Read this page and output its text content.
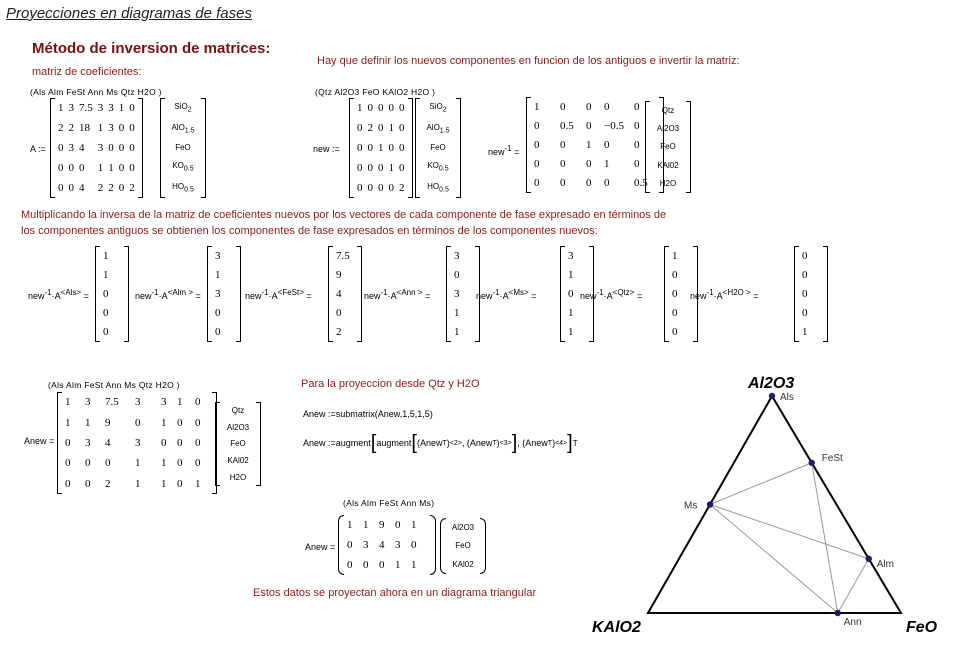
Proyecciones en diagramas de fases
Método de inversion de matrices:
matriz de coeficientes:
Hay que definir los nuevos componentes en funcion de los antiguos e invertir la matriz:
(Als Alm FeSt Ann Ms Qtz H2O )
A :=
1 3 7.5 3 3 1 0
2 2 18 1 3 0 0
0 3 4	3 0 0 0
0 0 0	1 1 0 0
0 0 4	2 2 0 2
SiO$_2$
AlO$_{1.5}$
FeO
$KO_{0.5}$
$HO_{0.5}$
(Qtz Al2O3 FeO KAlO2 H2O )
new :=
1 0 0 0 0
0 2 0 1 0
0 0 1 0 0
0 0 0 1 0
0 0 0 0 2
SiO$_2$
AlO$_{1.5}$
FeO
$KO_{0.5}$
$HO_{0.5}$
new$^{-1}$ =
1	0	0	0	0
0	0.5	0	−0.5 0
0	0	1	0	0
0	0	0	1	0
0	0	0	0	0.5
Qtz
Al2O3
FeO
KAl02
H2O
Multiplicando la inversa de la matriz de coeficientes nuevos por los vectores de cada componente de fase expresado en términos de
los componentes antiguos se obtienen los componentes de fase expresados en términos de los componentes nuevos:
$new^{-1}\cdot A^{<Als>}$ =
1
1
0
0
0
$new^{-1}\cdot A^{<Alm >}$ =
3
1
3
0
0
$new^{-1}\cdot A^{<FeSt>}$ =
7.5
9
4
0
2
$new^{-1}\cdot A^{<Ann >}$ =
3
0
3
1
1
$new^{-1}\cdot A^{<Ms>}$ =
3
1
0
1
1
$new^{-1}\cdot A^{<Qtz>}$ =
1
0
0
0
0
$new^{-1}\cdot A^{<H2O >}$ =
0
0
0
0
1
(Als Alm FeSt Ann Ms Qtz H2O )
Anew =
1	3	7.5	3	3 1	0
1	1	9	0	1 0	0
0	3	4	3	0 0	0
0	0	0	1	1 0	0
0	0	2	1	1 0	1
Qtz
Al2O3
FeO
KAl02
H2O
Para la proyeccion desde Qtz y H2O
Anew :=submatrix(Anew,1,5,1,5)
Anew :=augment [ augment [ ( Anew T ) <2> , ( Anew T ) <3> ] , ( Anew T ) <4> ] T
(Als Alm FeSt Ann Ms)
Anew =
1 1 9 0 1
0 3 4 3 0
0 0 0 1 1
Al2O3
FeO
KAl02
Estos datos se proyectan ahora en un diagrama triangular
Als
FeSt
Ms
Alm
Ann
Al2O3
KAlO2	FeO
